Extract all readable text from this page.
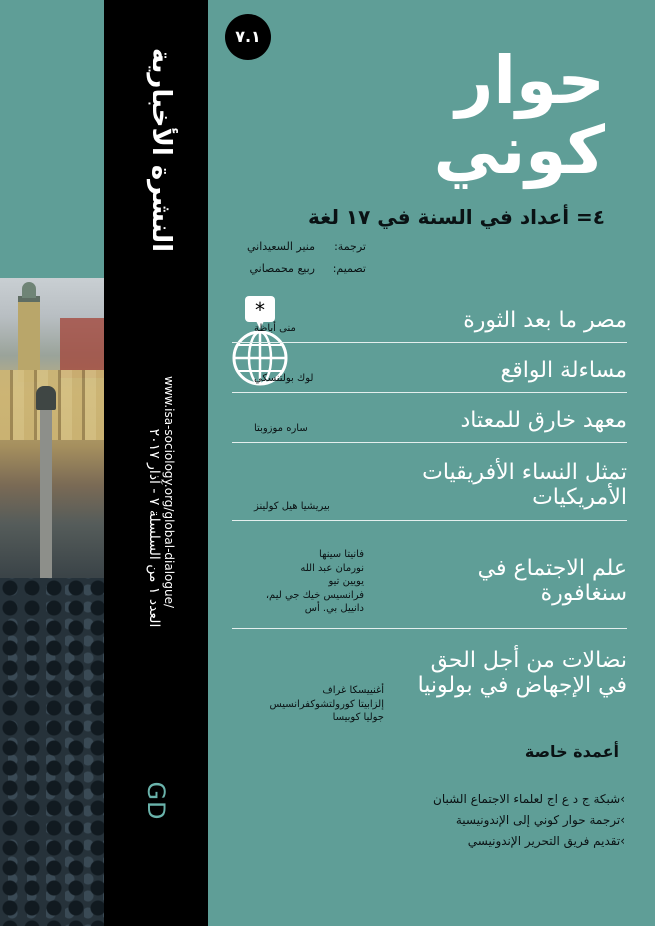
النشرة الأخبارية
*
العدد ١ من السلسلة ٧ - آذار ٢٠١٧
www.isa-sociology.org/global-dialogue/
GD
٧.١
حوار
كوني
٤= أعداد في السنة في ١٧ لغة
ترجمة:
منير السعيداني
تصميم:
ربيع محمصاني
مصر ما بعد الثورة
منى أباظة
مساءلة الواقع
لوك بولتنسكي
معهد خارق للمعتاد
ساره موزوبتا
تمثل النساء الأفريقيات الأمريكيات
بيريشيا هيل كولينز
علم الاجتماع في سنغافورة
فانيتا سينها
نورمان عبد الله
يويين تيو
فرانسيس خيك جي ليم،
دانييل بي. أس
نضالات من أجل الحق في الإجهاض في بولونيا
أغنييسكا غراف
إلزابيتا كورولتشوكفرانسيس
جوليا كوبيسا
أعمدة خاصة
›شبكة ج د ع اج لعلماء الاجتماع الشبان
›ترجمة حوار كوني إلى الإندونيسية
›تقديم فريق التحرير الإندونيسي
